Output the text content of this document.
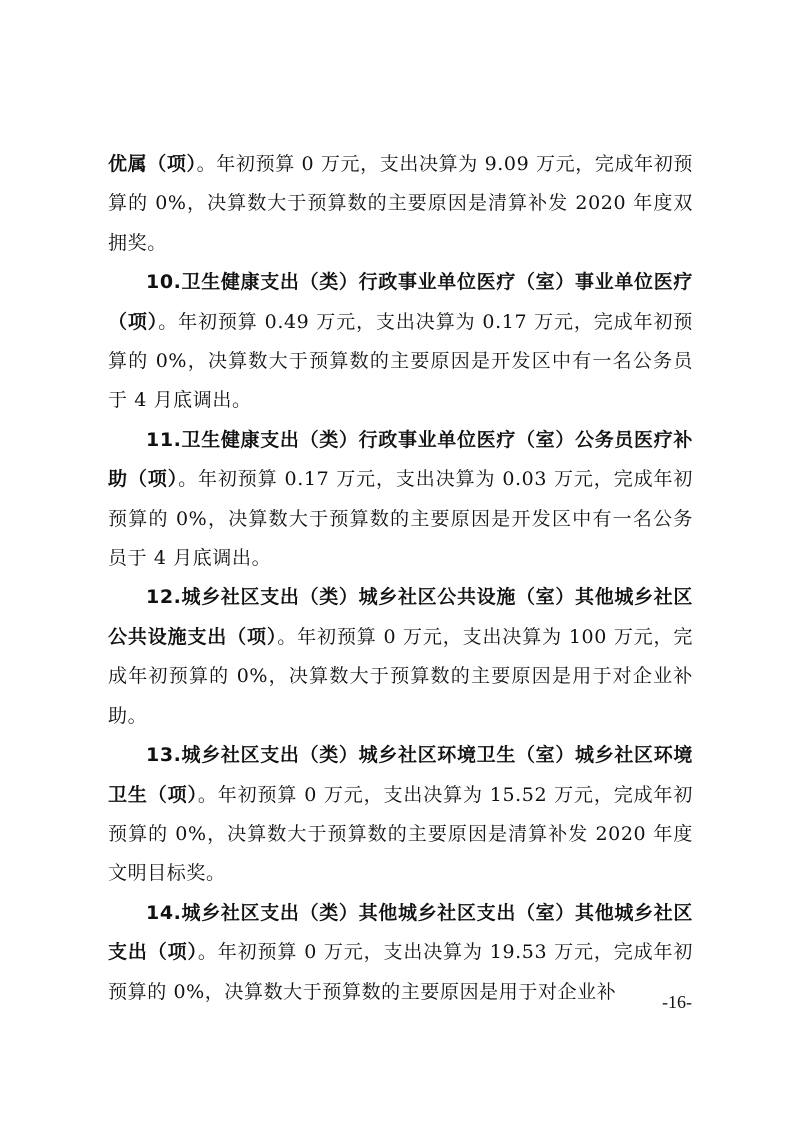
优属（项）。年初预算 0 万元，支出决算为 9.09 万元，完成年初预算的 0%，决算数大于预算数的主要原因是清算补发 2020 年度双拥奖。

10.卫生健康支出（类）行政事业单位医疗（室）事业单位医疗（项）。年初预算 0.49 万元，支出决算为 0.17 万元，完成年初预算的 0%，决算数大于预算数的主要原因是开发区中有一名公务员于 4 月底调出。

11.卫生健康支出（类）行政事业单位医疗（室）公务员医疗补助（项）。年初预算 0.17 万元，支出决算为 0.03 万元，完成年初预算的 0%，决算数大于预算数的主要原因是开发区中有一名公务员于 4 月底调出。

12.城乡社区支出（类）城乡社区公共设施（室）其他城乡社区公共设施支出（项）。年初预算 0 万元，支出决算为 100 万元，完成年初预算的 0%，决算数大于预算数的主要原因是用于对企业补助。

13.城乡社区支出（类）城乡社区环境卫生（室）城乡社区环境卫生（项）。年初预算 0 万元，支出决算为 15.52 万元，完成年初预算的 0%，决算数大于预算数的主要原因是清算补发 2020 年度文明目标奖。

14.城乡社区支出（类）其他城乡社区支出（室）其他城乡社区支出（项）。年初预算 0 万元，支出决算为 19.53 万元，完成年初预算的 0%，决算数大于预算数的主要原因是用于对企业补	-16-
